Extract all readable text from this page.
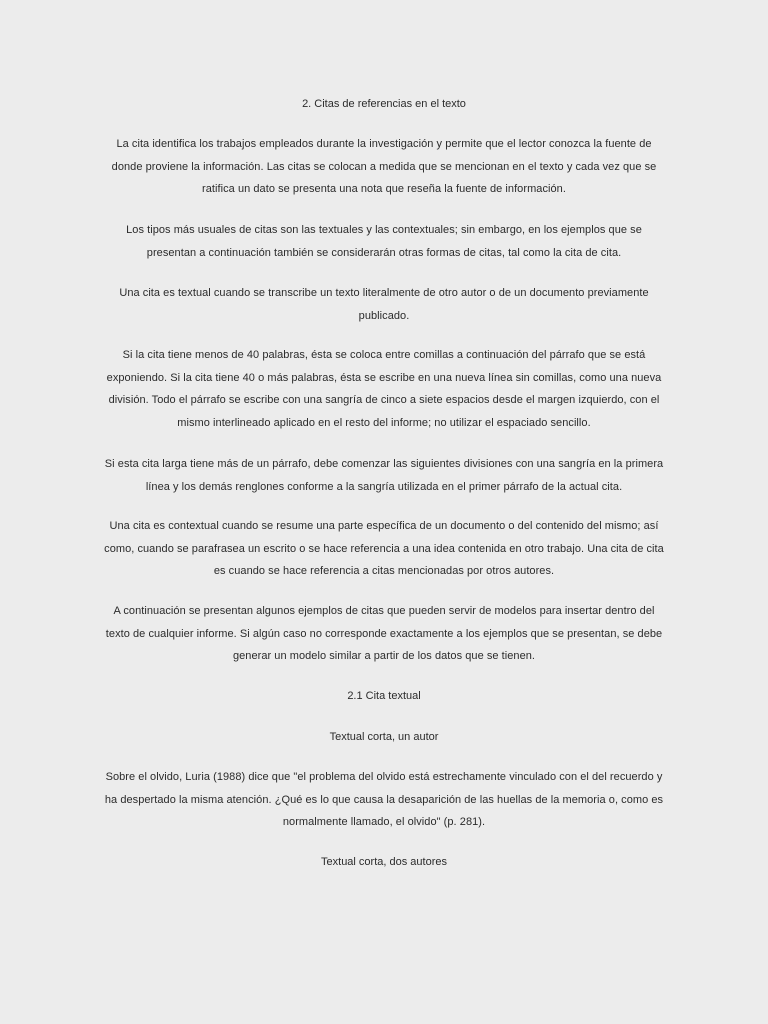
2. Citas de referencias en el texto
La cita identifica los trabajos empleados durante la investigación y permite que el lector conozca la fuente de donde proviene la información. Las citas se colocan a medida que se mencionan en el texto y cada vez que se ratifica un dato se presenta una nota que reseña la fuente de información.
Los tipos más usuales de citas son las textuales y las contextuales; sin embargo, en los ejemplos que se presentan a continuación también se considerarán otras formas de citas, tal como la cita de cita.
Una cita es textual cuando se transcribe un texto literalmente de otro autor o de un documento previamente publicado.
Si la cita tiene menos de 40 palabras, ésta se coloca entre comillas a continuación del párrafo que se está exponiendo. Si la cita tiene 40 o más palabras, ésta se escribe en una nueva línea sin comillas, como una nueva división. Todo el párrafo se escribe con una sangría de cinco a siete espacios desde el margen izquierdo, con el mismo interlineado aplicado en el resto del informe; no utilizar el espaciado sencillo.
Si esta cita larga tiene más de un párrafo, debe comenzar las siguientes divisiones con una sangría en la primera línea y los demás renglones conforme a la sangría utilizada en el primer párrafo de la actual cita.
Una cita es contextual cuando se resume una parte específica de un documento o del contenido del mismo; así como, cuando se parafrasea un escrito o se hace referencia a una idea contenida en otro trabajo. Una cita de cita es cuando se hace referencia a citas mencionadas por otros autores.
A continuación se presentan algunos ejemplos de citas que pueden servir de modelos para insertar dentro del texto de cualquier informe. Si algún caso no corresponde exactamente a los ejemplos que se presentan, se debe generar un modelo similar a partir de los datos que se tienen.
2.1 Cita textual
Textual corta, un autor
Sobre el olvido, Luria (1988) dice que "el problema del olvido está estrechamente vinculado con el del recuerdo y ha despertado la misma atención. ¿Qué es lo que causa la desaparición de las huellas de la memoria o, como es normalmente llamado, el olvido" (p. 281).
Textual corta, dos autores
